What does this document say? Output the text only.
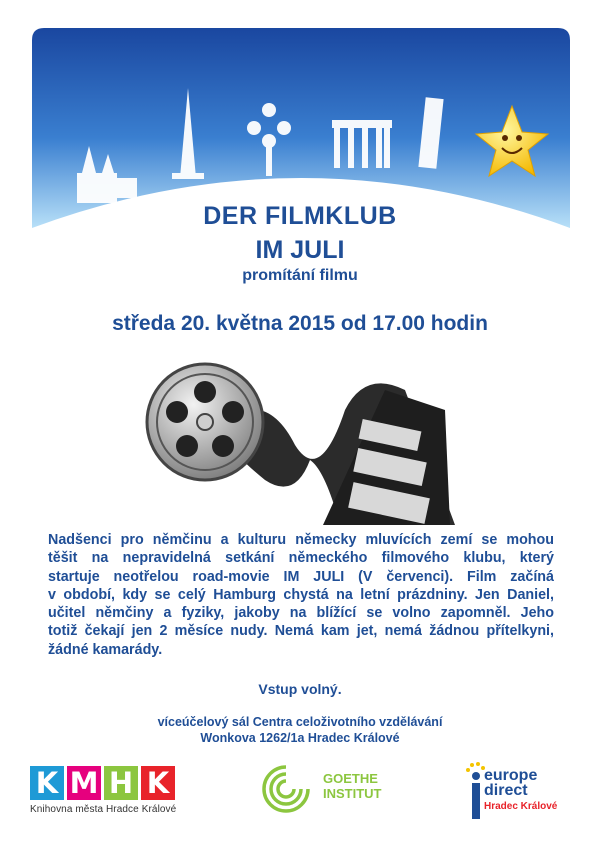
DER FILMKLUB
IM JULI
promítání filmu
středa 20. května 2015 od 17.00 hodin
Nadšenci pro němčinu a kulturu německy mluvících zemí se mohou
těšit na nepravidelná setkání německého filmového klubu, který
startuje neotřelou road-movie IM JULI (V červenci). Film začíná
v období, kdy se celý Hamburg chystá na letní prázdniny. Jen Daniel,
učitel němčiny a fyziky, jakoby na blížící se volno zapomněl. Jeho
totiž čekají jen 2 měsíce nudy. Nemá kam jet, nemá žádnou přítelkyni,
žádné kamarády.
Vstup volný.
víceúčelový sál Centra celoživotního vzdělávání
Wonkova 1262/1a Hradec Králové
K M H K
Knihovna města Hradce Králové
GOETHE
INSTITUT
europe
direct
Hradec Králové
